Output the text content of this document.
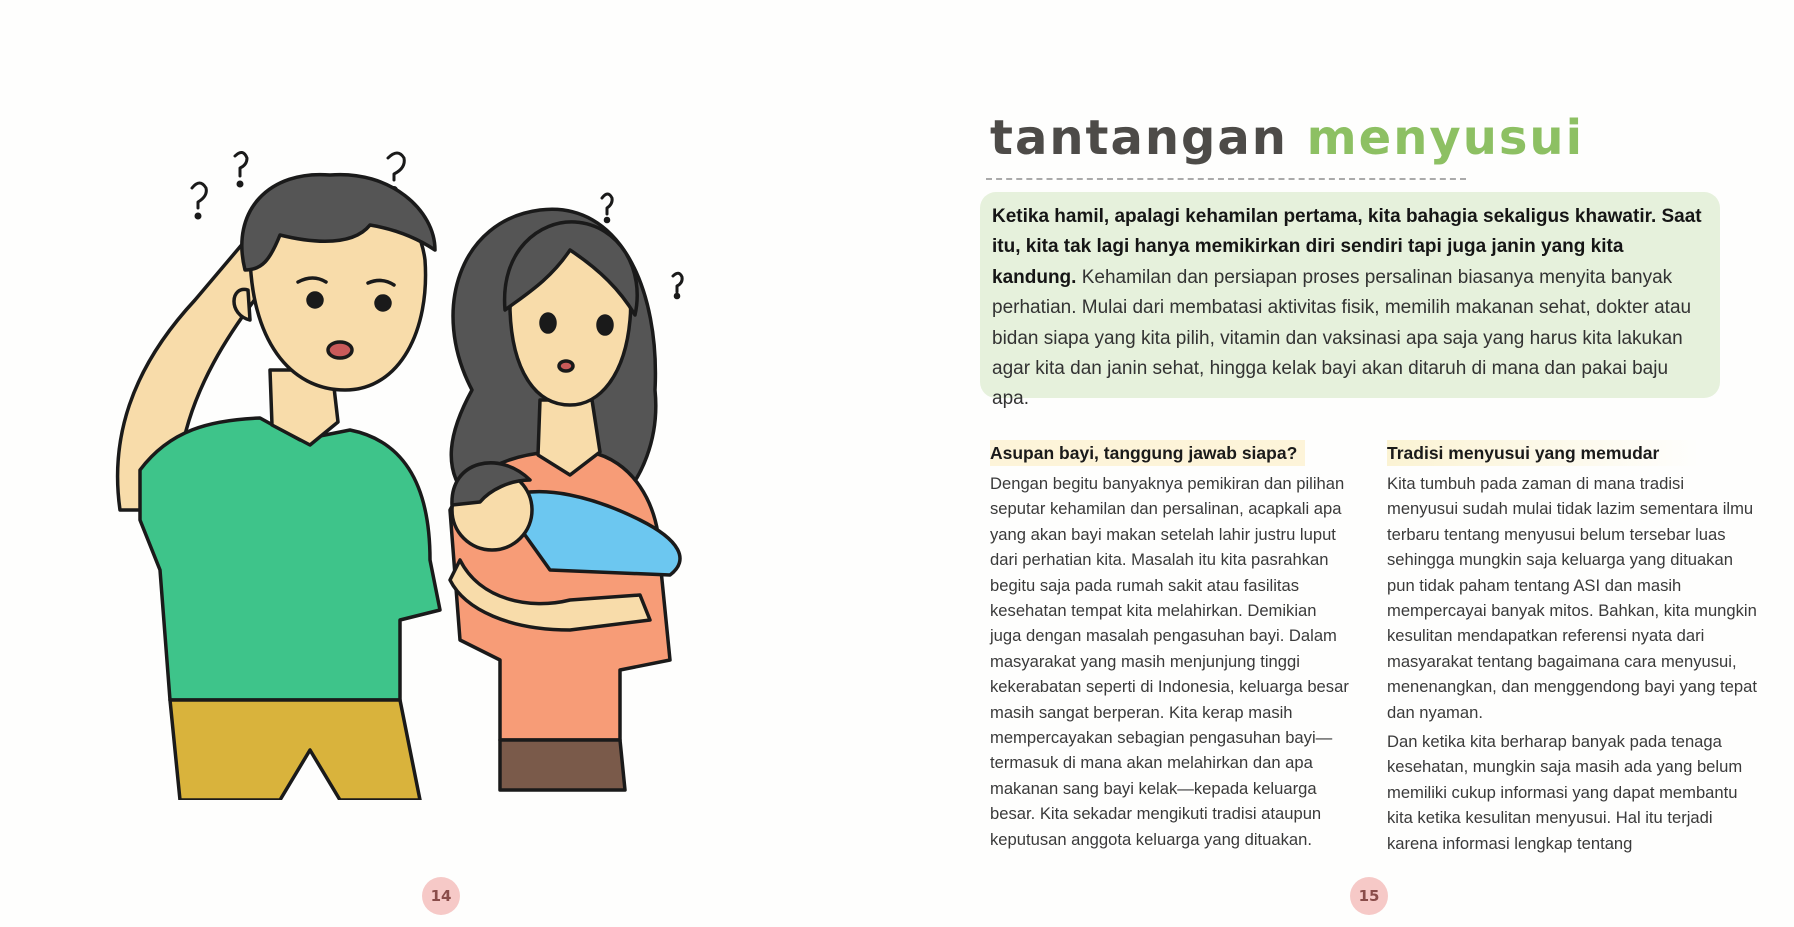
tantangan menyusui
Ketika hamil, apalagi kehamilan pertama, kita bahagia sekaligus khawatir. Saat itu, kita tak lagi hanya memikirkan diri sendiri tapi juga janin yang kita kandung. Kehamilan dan persiapan proses persalinan biasanya menyita banyak perhatian. Mulai dari membatasi aktivitas fisik, memilih makanan sehat, dokter atau bidan siapa yang kita pilih, vitamin dan vaksinasi apa saja yang harus kita lakukan agar kita dan janin sehat, hingga kelak bayi akan ditaruh di mana dan pakai baju apa.
Asupan bayi, tanggung jawab siapa?

Dengan begitu banyaknya pemikiran dan pilihan seputar kehamilan dan persalinan, acapkali apa yang akan bayi makan setelah lahir justru luput dari perhatian kita. Masalah itu kita pasrahkan begitu saja pada rumah sakit atau fasilitas kesehatan tempat kita melahirkan. Demikian juga dengan masalah pengasuhan bayi. Dalam masyarakat yang masih menjunjung tinggi kekerabatan seperti di Indonesia, keluarga besar masih sangat berperan. Kita kerap masih mempercayakan sebagian pengasuhan bayi—termasuk di mana akan melahirkan dan apa makanan sang bayi kelak—kepada keluarga besar. Kita sekadar mengikuti tradisi ataupun keputusan anggota keluarga yang dituakan.

Tradisi menyusui yang memudar

Kita tumbuh pada zaman di mana tradisi menyusui sudah mulai tidak lazim sementara ilmu terbaru tentang menyusui belum tersebar luas sehingga mungkin saja keluarga yang dituakan pun tidak paham tentang ASI dan masih mempercayai banyak mitos. Bahkan, kita mungkin kesulitan mendapatkan referensi nyata dari masyarakat tentang bagaimana cara menyusui, menenangkan, dan menggendong bayi yang tepat dan nyaman.

Dan ketika kita berharap banyak pada tenaga kesehatan, mungkin saja masih ada yang belum memiliki cukup informasi yang dapat membantu kita ketika kesulitan menyusui. Hal itu terjadi karena informasi lengkap tentang

14	15
